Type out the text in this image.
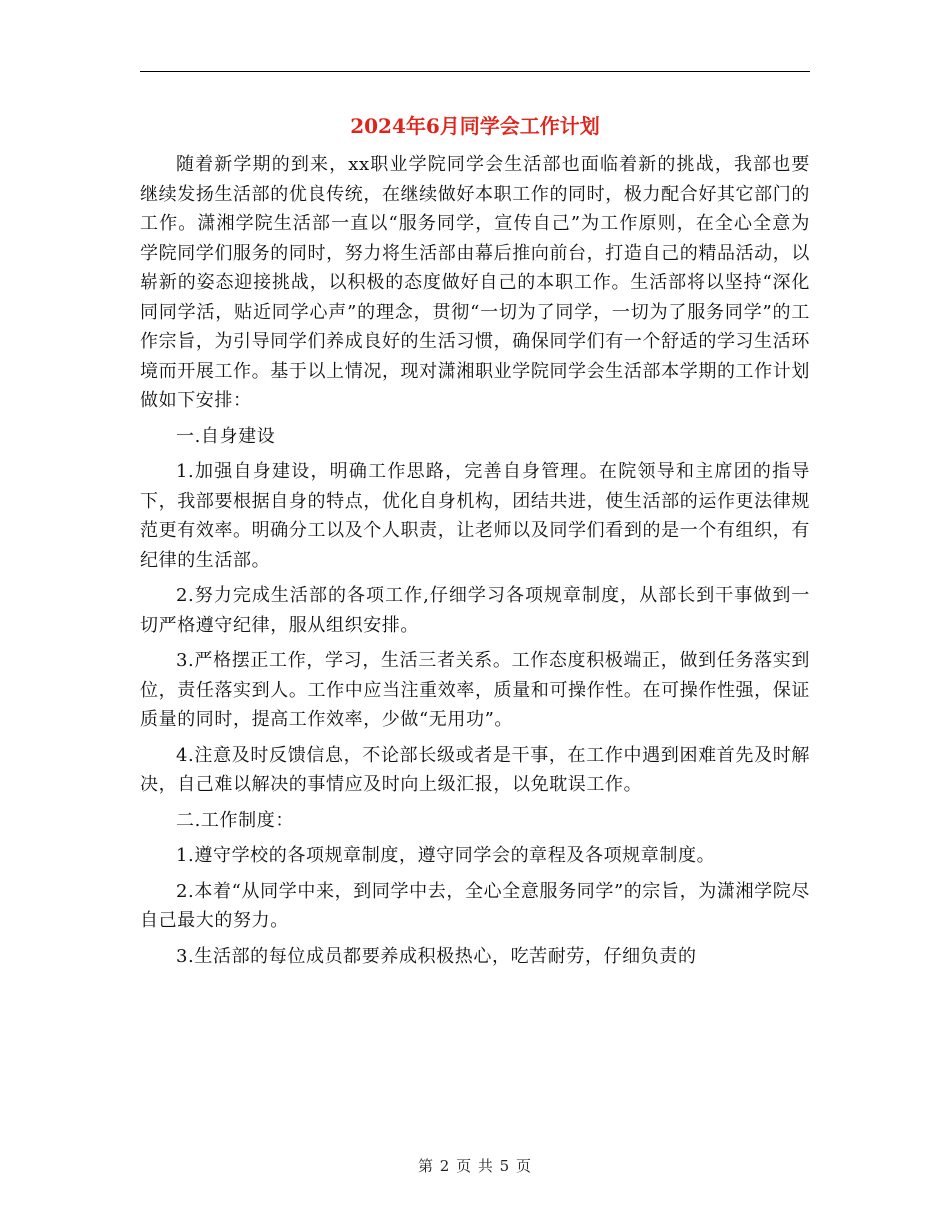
2024年6月同学会工作计划

随着新学期的到来，xx职业学院同学会生活部也面临着新的挑战，我部也要继续发扬生活部的优良传统，在继续做好本职工作的同时，极力配合好其它部门的工作。潇湘学院生活部一直以“服务同学，宣传自己”为工作原则，在全心全意为学院同学们服务的同时，努力将生活部由幕后推向前台，打造自己的精品活动，以崭新的姿态迎接挑战，以积极的态度做好自己的本职工作。生活部将以坚持“深化同同学活，贴近同学心声”的理念，贯彻“一切为了同学，一切为了服务同学”的工作宗旨，为引导同学们养成良好的生活习惯，确保同学们有一个舒适的学习生活环境而开展工作。基于以上情况，现对潇湘职业学院同学会生活部本学期的工作计划做如下安排：

一.自身建设

1.加强自身建设，明确工作思路，完善自身管理。在院领导和主席团的指导下，我部要根据自身的特点，优化自身机构，团结共进，使生活部的运作更法律规范更有效率。明确分工以及个人职责，让老师以及同学们看到的是一个有组织，有纪律的生活部。

2.努力完成生活部的各项工作,仔细学习各项规章制度，从部长到干事做到一切严格遵守纪律，服从组织安排。

3.严格摆正工作，学习，生活三者关系。工作态度积极端正，做到任务落实到位，责任落实到人。工作中应当注重效率，质量和可操作性。在可操作性强，保证质量的同时，提高工作效率，少做“无用功”。

4.注意及时反馈信息，不论部长级或者是干事，在工作中遇到困难首先及时解决，自己难以解决的事情应及时向上级汇报，以免耽误工作。

二.工作制度：

1.遵守学校的各项规章制度，遵守同学会的章程及各项规章制度。

2.本着“从同学中来，到同学中去，全心全意服务同学”的宗旨，为潇湘学院尽自己最大的努力。

3.生活部的每位成员都要养成积极热心，吃苦耐劳，仔细负责的

第 2 页 共 5 页
